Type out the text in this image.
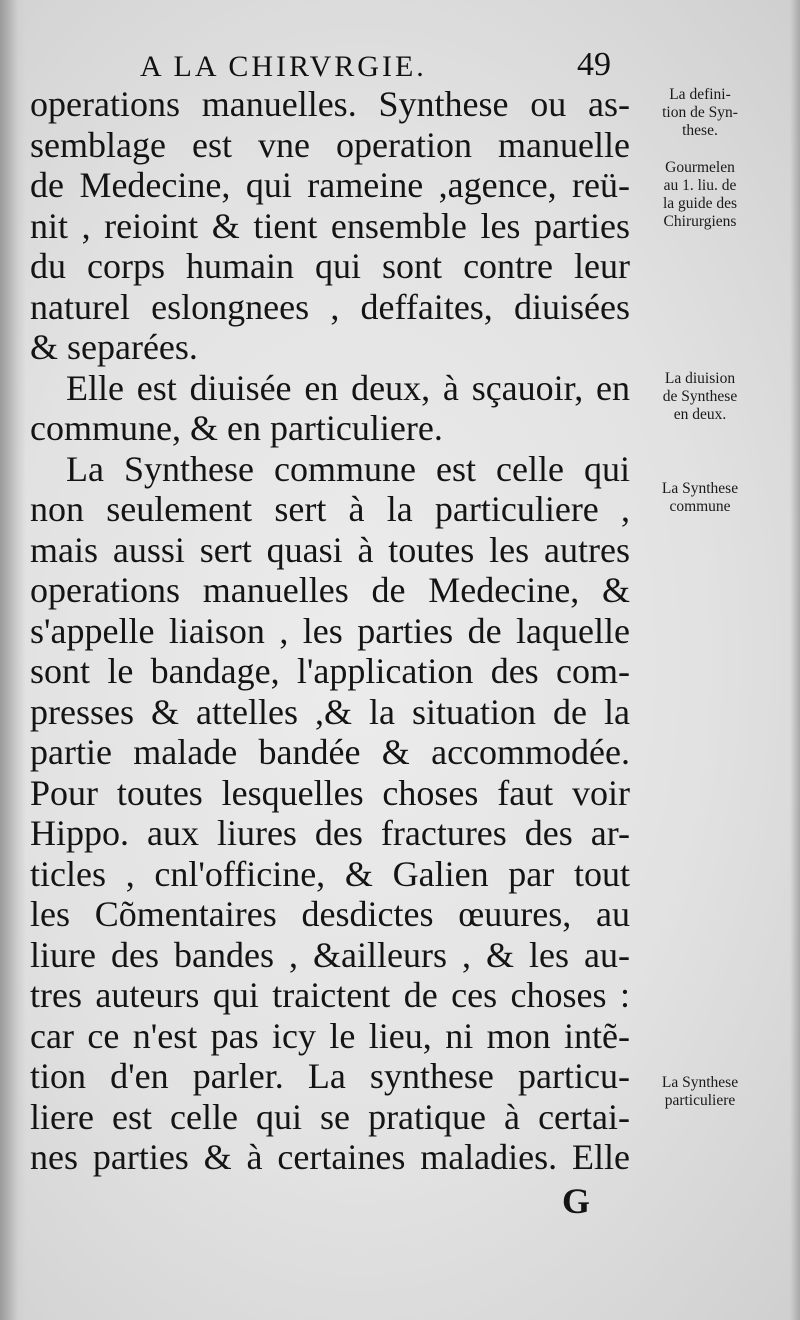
A LA CHIRVRGIE.	49
operations manuelles. Synthese ou as-
semblage est vne operation manuelle
de Medecine, qui rameine ,agence, reü-
nit , reioint & tient ensemble les parties
du corps humain qui sont contre leur
naturel eslongnees , deffaites, diuisées
& separées.
Elle est diuisée en deux, à sçauoir, en
commune, & en particuliere.
La Synthese commune est celle qui
non seulement sert à la particuliere ,
mais aussi sert quasi à toutes les autres
operations manuelles de Medecine, &
s'appelle liaison , les parties de laquelle
sont le bandage, l'application des com-
presses & attelles ,& la situation de la
partie malade bandée & accommodée.
Pour toutes lesquelles choses faut voir
Hippo. aux liures des fractures des ar-
ticles , cnl'officine, & Galien par tout
les Cõmentaires desdictes œuures, au
liure des bandes , &ailleurs , & les au-
tres auteurs qui traictent de ces choses :
car ce n'est pas icy le lieu, ni mon intẽ-
tion d'en parler. La synthese particu-
liere est celle qui se pratique à certai-
nes parties & à certaines maladies. Elle
La defini-
tion de Syn-
these.
Gourmelen
au 1. liu. de
la guide des
Chirurgiens
La diuision
de Synthese
en deux.
La Synthese
commune
La Synthese
particuliere
G
